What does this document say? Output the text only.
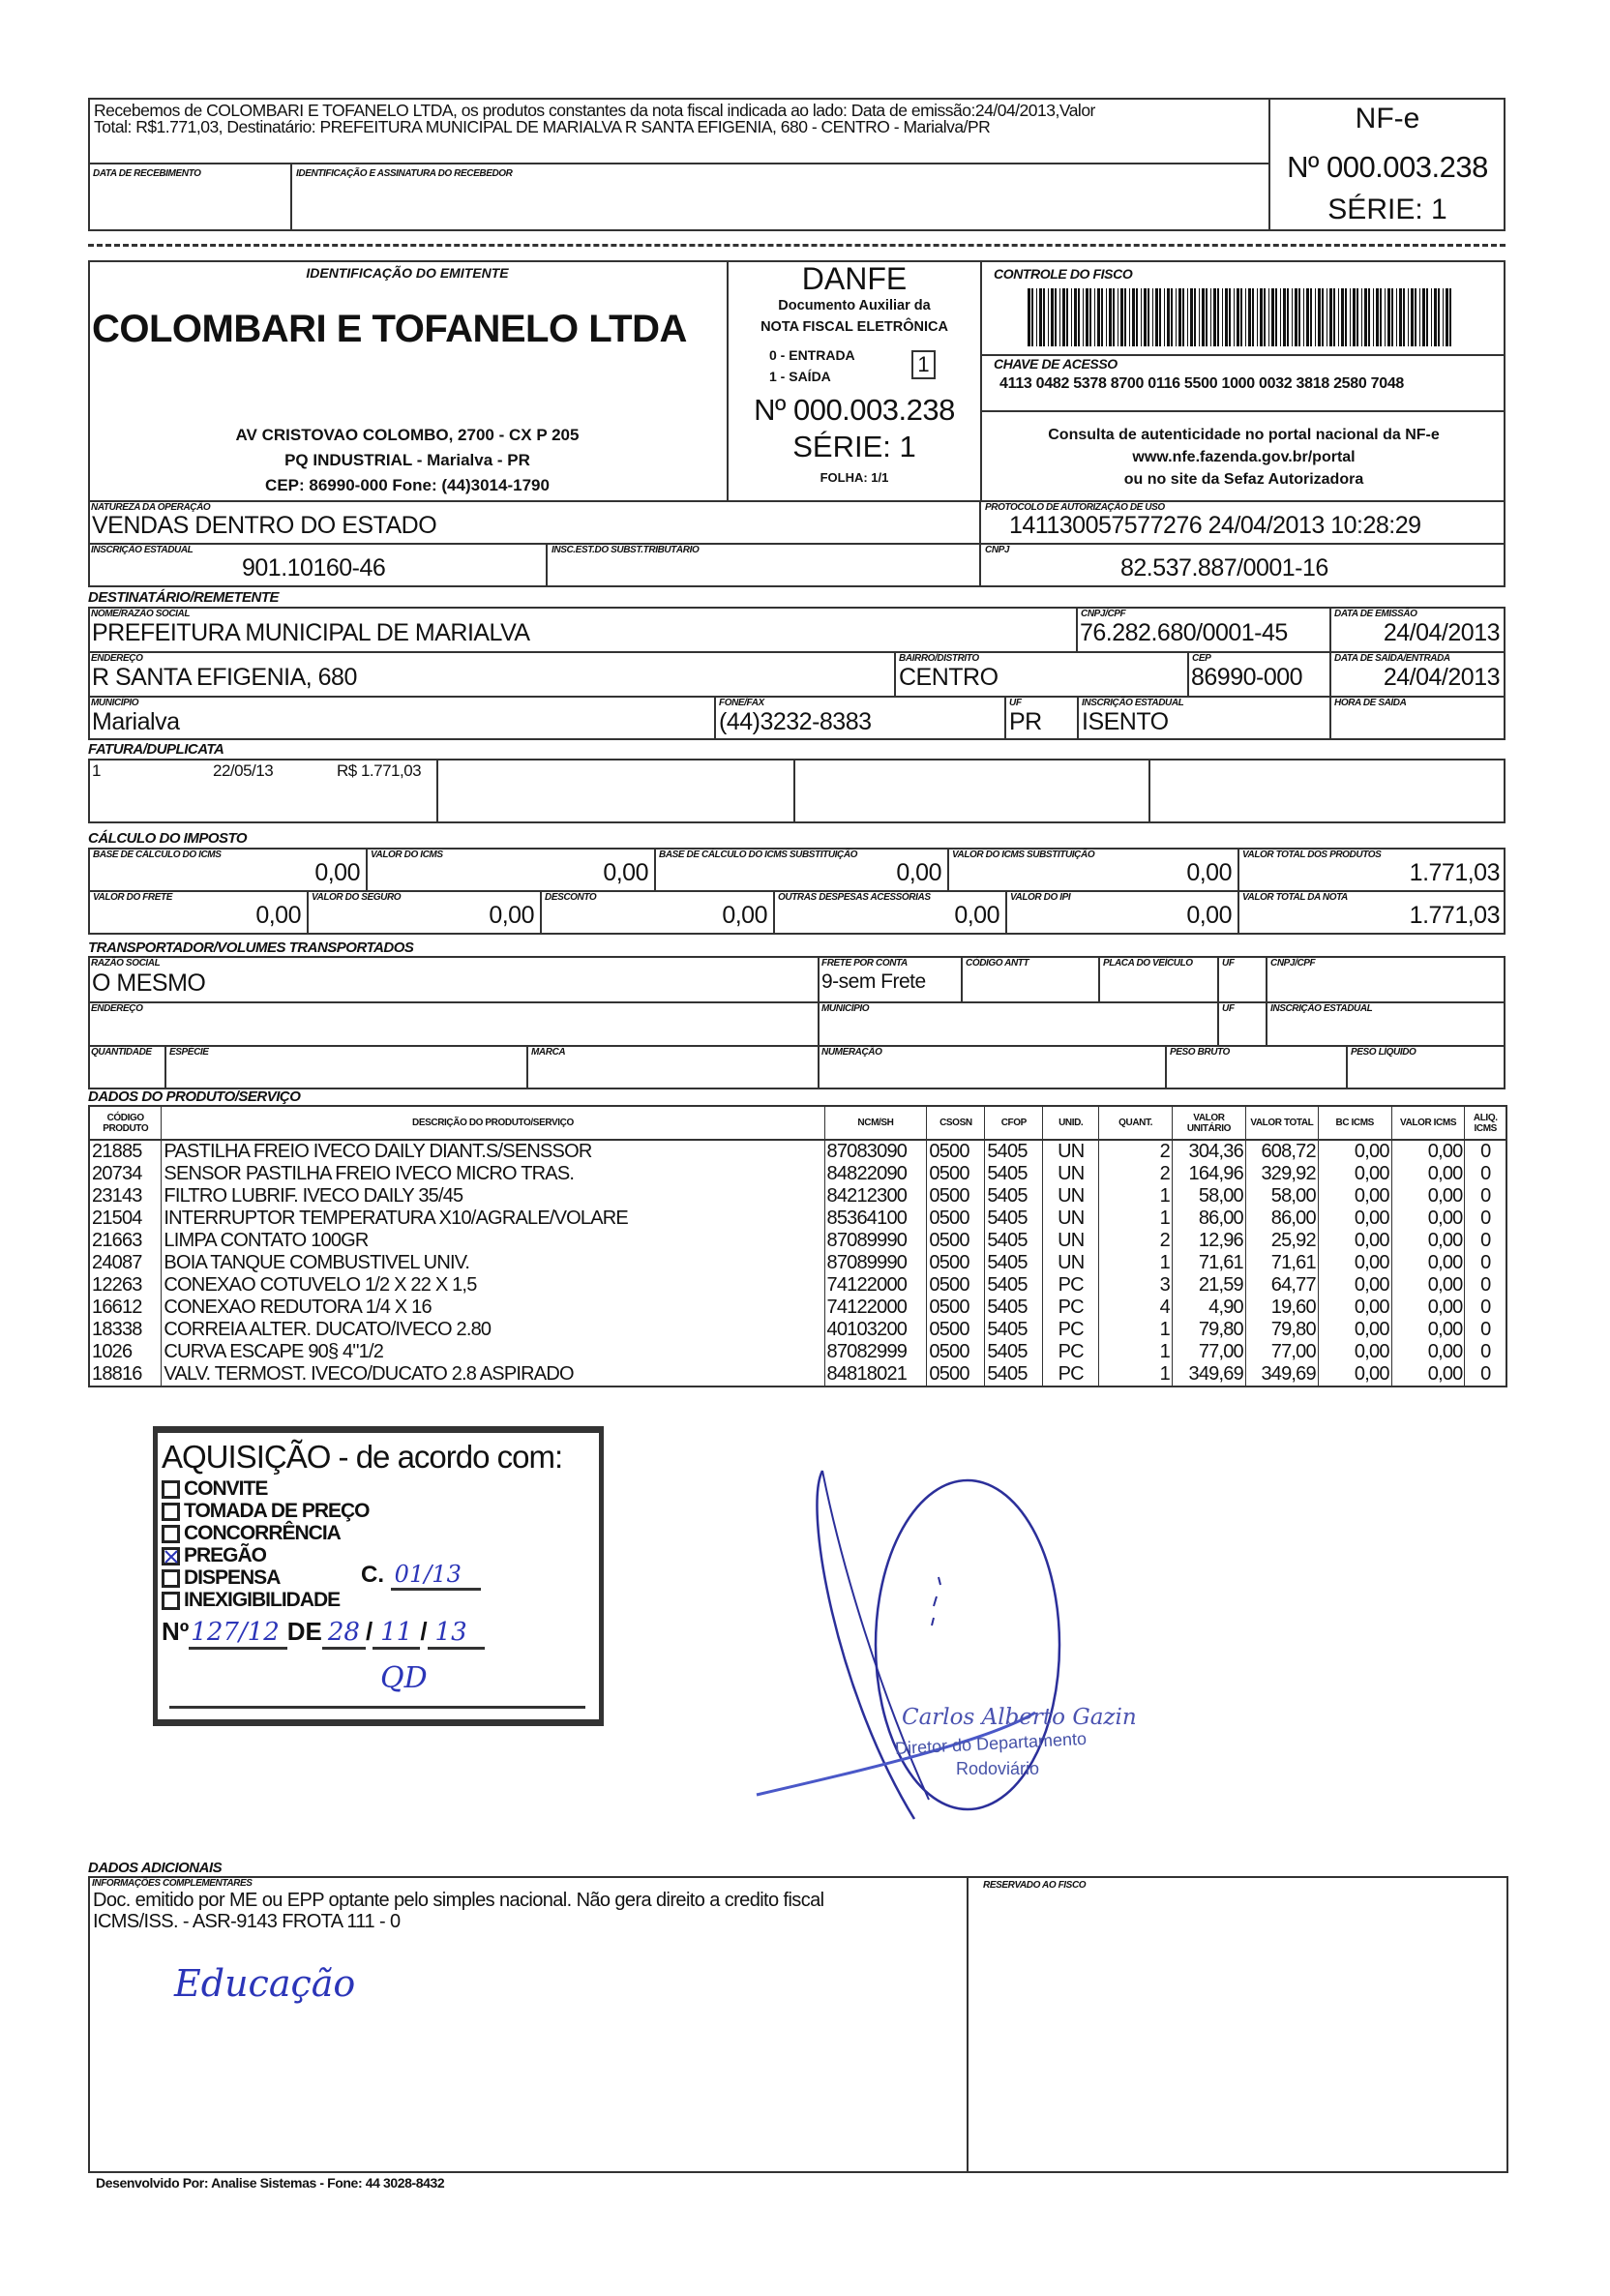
Recebemos de COLOMBARI E TOFANELO LTDA, os produtos constantes da nota fiscal indicada ao lado: Data de emissão:24/04/2013,Valor
Total: R$1.771,03, Destinatário: PREFEITURA MUNICIPAL DE MARIALVA R SANTA EFIGENIA, 680 - CENTRO - Marialva/PR
DATA DE RECEBIMENTO	IDENTIFICAÇÃO E ASSINATURA DO RECEBEDOR
NF-e
Nº 000.003.238
SÉRIE: 1
IDENTIFICAÇÃO DO EMITENTE
COLOMBARI E TOFANELO LTDA
AV CRISTOVAO COLOMBO, 2700 - CX P 205
PQ INDUSTRIAL - Marialva - PR
CEP: 86990-000 Fone: (44)3014-1790
DANFE
Documento Auxiliar da
NOTA FISCAL ELETRÔNICA
0 - ENTRADA
1 - SAÍDA	1
Nº 000.003.238
SÉRIE: 1
FOLHA: 1/1
CONTROLE DO FISCO
CHAVE DE ACESSO
4113 0482 5378 8700 0116 5500 1000 0032 3818 2580 7048
Consulta de autenticidade no portal nacional da NF-e
www.nfe.fazenda.gov.br/portal
ou no site da Sefaz Autorizadora
NATUREZA DA OPERAÇÃO
VENDAS DENTRO DO ESTADO
PROTOCOLO DE AUTORIZAÇÃO DE USO
141130057577276 24/04/2013 10:28:29
INSCRIÇÃO ESTADUAL
901.10160-46
INSC.EST.DO SUBST.TRIBUTÁRIO	CNPJ
82.537.887/0001-16
DESTINATÁRIO/REMETENTE
NOME/RAZÃO SOCIAL
PREFEITURA MUNICIPAL DE MARIALVA
CNPJ/CPF
76.282.680/0001-45
DATA DE EMISSÃO
24/04/2013
ENDEREÇO
R SANTA EFIGENIA, 680
BAIRRO/DISTRITO
CENTRO
CEP
86990-000
DATA DE SAÍDA/ENTRADA
24/04/2013
MUNICÍPIO
Marialva
FONE/FAX
(44)3232-8383
UF
PR
INSCRIÇÃO ESTADUAL
ISENTO
HORA DE SAÍDA
FATURA/DUPLICATA
1	22/05/13	R$ 1.771,03
CÁLCULO DO IMPOSTO
BASE DE CÁLCULO DO ICMS
0,00
VALOR DO ICMS
0,00
BASE DE CÁLCULO DO ICMS SUBSTITUIÇÃO
0,00
VALOR DO ICMS SUBSTITUIÇÃO
0,00
VALOR TOTAL DOS PRODUTOS
1.771,03
VALOR DO FRETE
0,00
VALOR DO SEGURO
0,00
DESCONTO
0,00
OUTRAS DESPESAS ACESSÓRIAS
0,00
VALOR DO IPI
0,00
VALOR TOTAL DA NOTA
1.771,03
TRANSPORTADOR/VOLUMES TRANSPORTADOS
RAZÃO SOCIAL
O MESMO
FRETE POR CONTA
9-sem Frete
CÓDIGO ANTT	PLACA DO VEÍCULO	UF	CNPJ/CPF
ENDEREÇO	MUNICÍPIO	UF	INSCRIÇÃO ESTADUAL
QUANTIDADE ESPÉCIE	MARCA	NUMERAÇÃO	PESO BRUTO	PESO LÍQUIDO
DADOS DO PRODUTO/SERVIÇO
CÓDIGO PRODUTO	DESCRIÇÃO DO PRODUTO/SERVIÇO	NCM/SH	CSOSN	CFOP	UNID.	QUANT.	VALOR UNITÁRIO	VALOR TOTAL	BC ICMS	VALOR ICMS	ALIQ. ICMS
21885	PASTILHA FREIO IVECO DAILY DIANT.S/SENSSOR	87083090	0500	5405	UN	2	304,36	608,72	0,00	0,00	0
20734	SENSOR PASTILHA FREIO IVECO MICRO TRAS.	84822090	0500	5405	UN	2	164,96	329,92	0,00	0,00	0
23143	FILTRO LUBRIF. IVECO DAILY 35/45	84212300	0500	5405	UN	1	58,00	58,00	0,00	0,00	0
21504	INTERRUPTOR TEMPERATURA X10/AGRALE/VOLARE	85364100	0500	5405	UN	1	86,00	86,00	0,00	0,00	0
21663	LIMPA CONTATO 100GR	87089990	0500	5405	UN	2	12,96	25,92	0,00	0,00	0
24087	BOIA TANQUE COMBUSTIVEL UNIV.	87089990	0500	5405	UN	1	71,61	71,61	0,00	0,00	0
12263	CONEXAO COTUVELO 1/2 X 22 X 1,5	74122000	0500	5405	PC	3	21,59	64,77	0,00	0,00	0
16612	CONEXAO REDUTORA 1/4 X 16	74122000	0500	5405	PC	4	4,90	19,60	0,00	0,00	0
18338	CORREIA ALTER. DUCATO/IVECO 2.80	40103200	0500	5405	PC	1	79,80	79,80	0,00	0,00	0
1026	CURVA ESCAPE 90§ 4"1/2	87082999	0500	5405	PC	1	77,00	77,00	0,00	0,00	0
18816	VALV. TERMOST. IVECO/DUCATO 2.8 ASPIRADO	84818021	0500	5405	PC	1	349,69	349,69	0,00	0,00	0
AQUISIÇÃO - de acordo com:
CONVITE
TOMADA DE PREÇO
CONCORRÊNCIA
PREGÃO
DISPENSA
INEXIGIBILIDADE
C. 01/13
Nº127/12 DE 28 / 11 / 13
QD
Carlos Alberto Gazin
Diretor do Departamento
Rodoviário
DADOS ADICIONAIS
INFORMAÇÕES COMPLEMENTARES
Doc. emitido por ME ou EPP optante pelo simples nacional. Não gera direito a credito fiscal
ICMS/ISS. - ASR-9143 FROTA 111 - 0
Educação
RESERVADO AO FISCO
Desenvolvido Por: Analise Sistemas - Fone: 44 3028-8432
